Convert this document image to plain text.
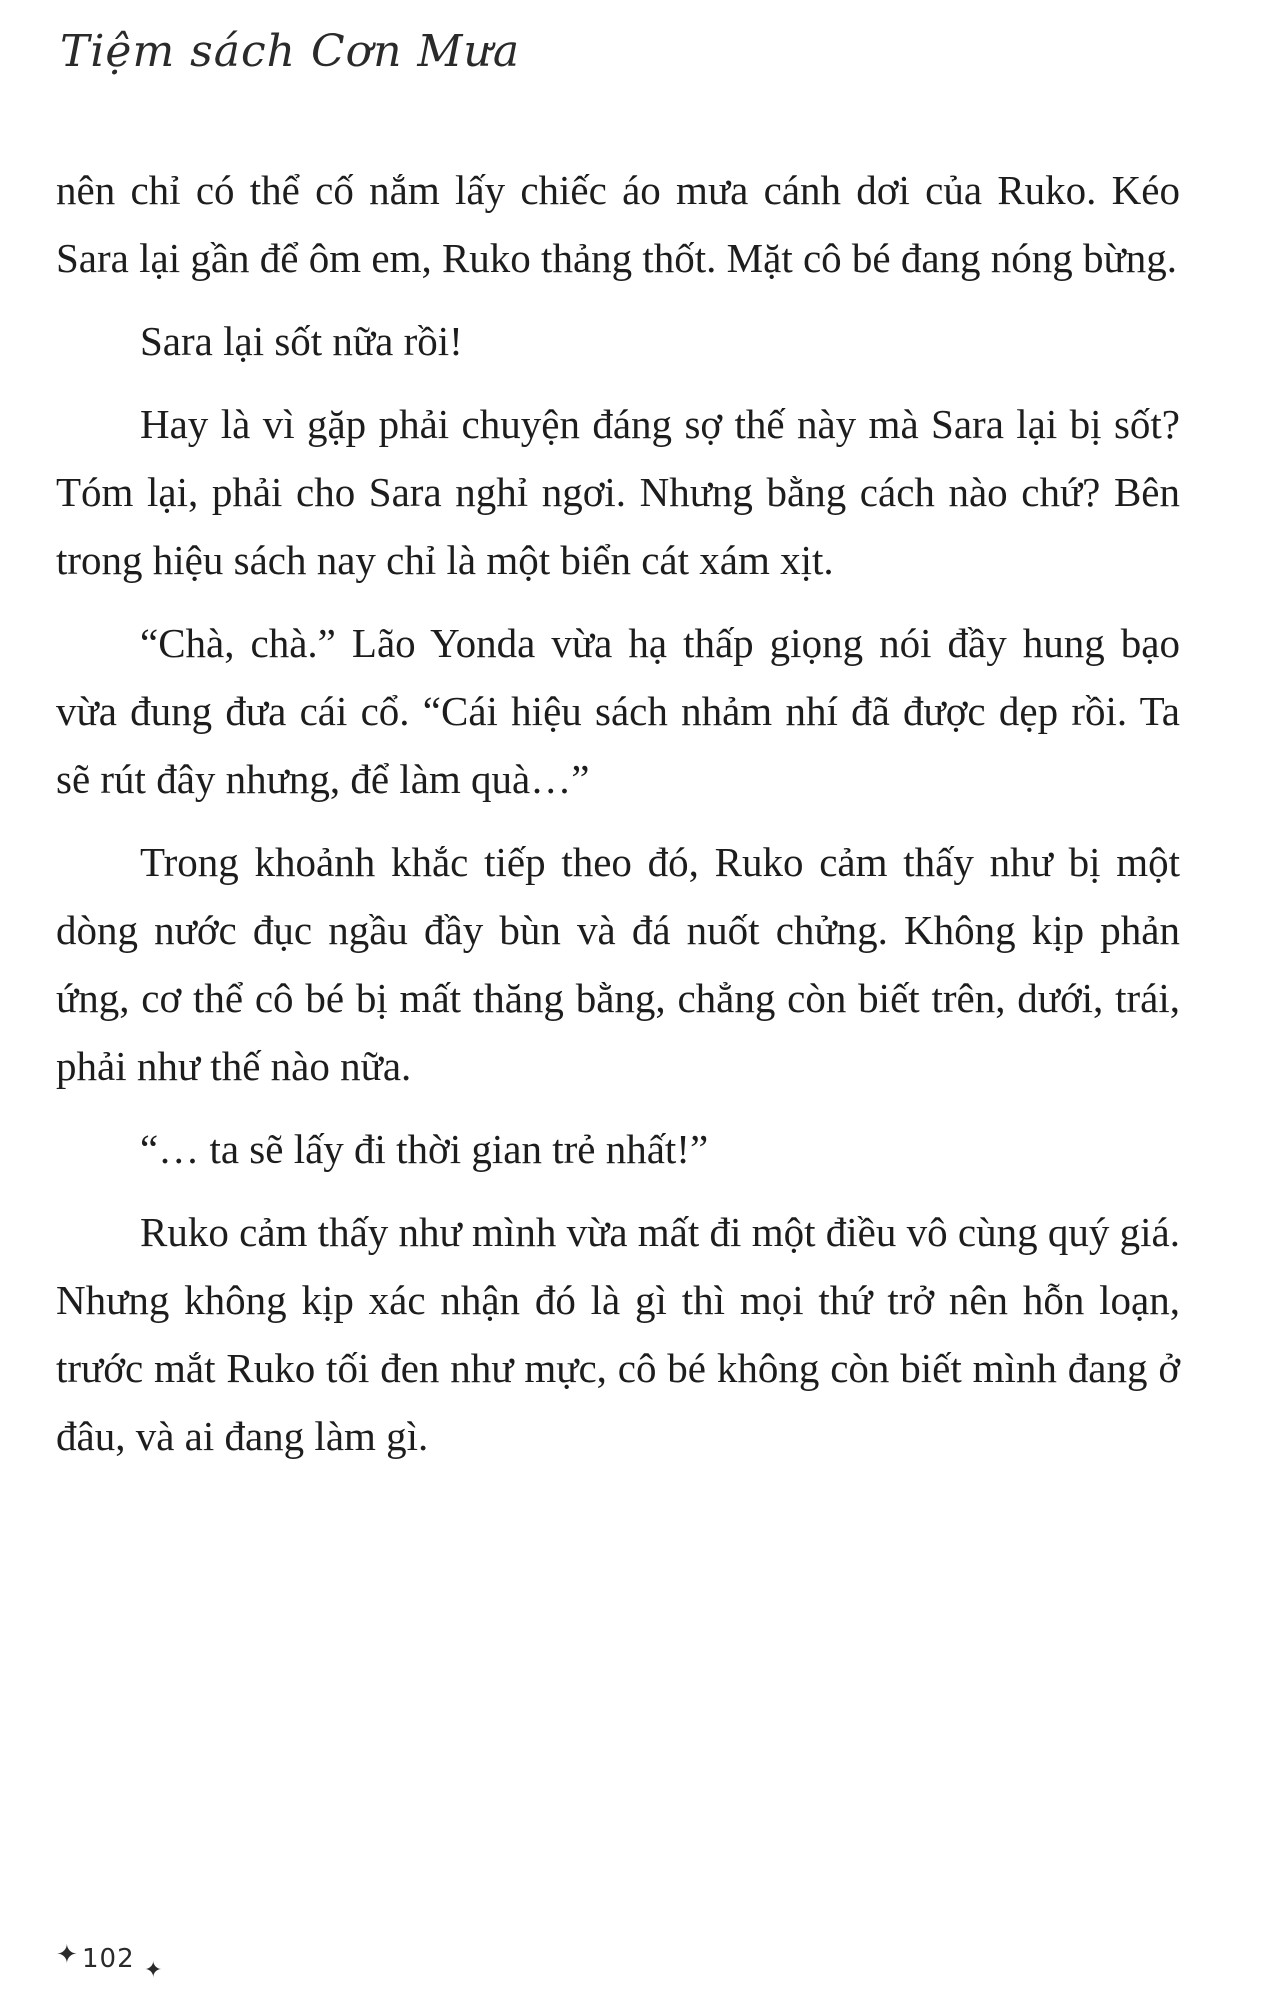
Tiệm sách Cơn Mưa

nên chỉ có thể cố nắm lấy chiếc áo mưa cánh dơi của Ruko. Kéo Sara lại gần để ôm em, Ruko thảng thốt. Mặt cô bé đang nóng bừng.

Sara lại sốt nữa rồi!

Hay là vì gặp phải chuyện đáng sợ thế này mà Sara lại bị sốt? Tóm lại, phải cho Sara nghỉ ngơi. Nhưng bằng cách nào chứ? Bên trong hiệu sách nay chỉ là một biển cát xám xịt.

“Chà, chà.” Lão Yonda vừa hạ thấp giọng nói đầy hung bạo vừa đung đưa cái cổ. “Cái hiệu sách nhảm nhí đã được dẹp rồi. Ta sẽ rút đây nhưng, để làm quà…”

Trong khoảnh khắc tiếp theo đó, Ruko cảm thấy như bị một dòng nước đục ngầu đầy bùn và đá nuốt chửng. Không kịp phản ứng, cơ thể cô bé bị mất thăng bằng, chẳng còn biết trên, dưới, trái, phải như thế nào nữa.

“… ta sẽ lấy đi thời gian trẻ nhất!”

Ruko cảm thấy như mình vừa mất đi một điều vô cùng quý giá. Nhưng không kịp xác nhận đó là gì thì mọi thứ trở nên hỗn loạn, trước mắt Ruko tối đen như mực, cô bé không còn biết mình đang ở đâu, và ai đang làm gì.

✦ 102 ✦
